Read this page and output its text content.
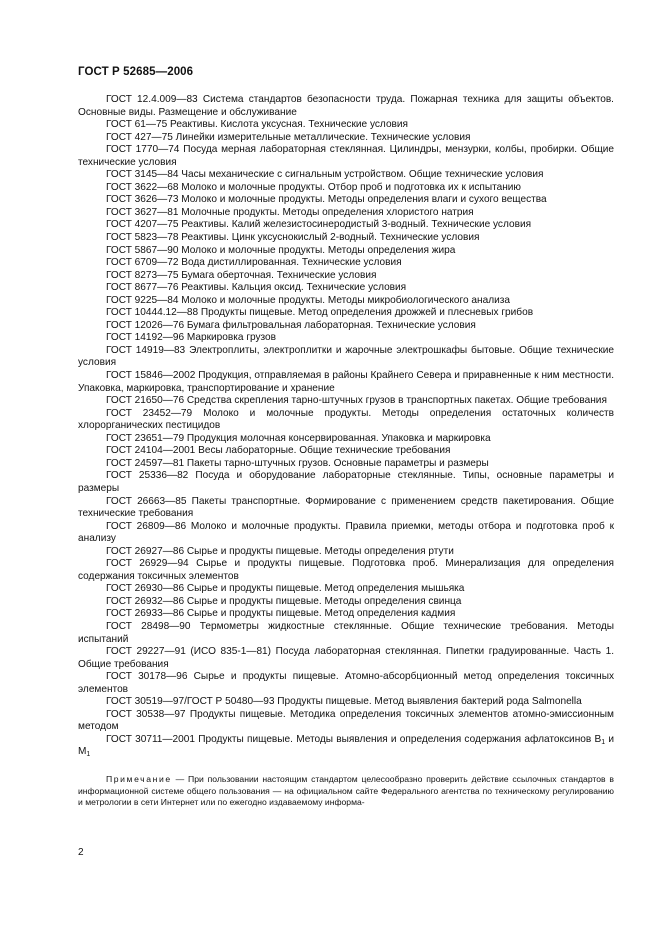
ГОСТ Р 52685—2006

ГОСТ 12.4.009—83 Система стандартов безопасности труда. Пожарная техника для защиты объектов. Основные виды. Размещение и обслуживание

ГОСТ 61—75 Реактивы. Кислота уксусная. Технические условия

ГОСТ 427—75 Линейки измерительные металлические. Технические условия

ГОСТ 1770—74 Посуда мерная лабораторная стеклянная. Цилиндры, мензурки, колбы, пробирки. Общие технические условия

ГОСТ 3145—84 Часы механические с сигнальным устройством. Общие технические условия

ГОСТ 3622—68 Молоко и молочные продукты. Отбор проб и подготовка их к испытанию

ГОСТ 3626—73 Молоко и молочные продукты. Методы определения влаги и сухого вещества

ГОСТ 3627—81 Молочные продукты. Методы определения хлористого натрия

ГОСТ 4207—75 Реактивы. Калий железистосинеродистый 3-водный. Технические условия

ГОСТ 5823—78 Реактивы. Цинк уксуснокислый 2-водный. Технические условия

ГОСТ 5867—90 Молоко и молочные продукты. Методы определения жира

ГОСТ 6709—72 Вода дистиллированная. Технические условия

ГОСТ 8273—75 Бумага оберточная. Технические условия

ГОСТ 8677—76 Реактивы. Кальция оксид. Технические условия

ГОСТ 9225—84 Молоко и молочные продукты. Методы микробиологического анализа

ГОСТ 10444.12—88 Продукты пищевые. Метод определения дрожжей и плесневых грибов

ГОСТ 12026—76 Бумага фильтровальная лабораторная. Технические условия

ГОСТ 14192—96 Маркировка грузов

ГОСТ 14919—83 Электроплиты, электроплитки и жарочные электрошкафы бытовые. Общие технические условия

ГОСТ 15846—2002 Продукция, отправляемая в районы Крайнего Севера и приравненные к ним местности. Упаковка, маркировка, транспортирование и хранение

ГОСТ 21650—76 Средства скрепления тарно-штучных грузов в транспортных пакетах. Общие требования

ГОСТ 23452—79 Молоко и молочные продукты. Методы определения остаточных количеств хлорорганических пестицидов

ГОСТ 23651—79 Продукция молочная консервированная. Упаковка и маркировка

ГОСТ 24104—2001 Весы лабораторные. Общие технические требования

ГОСТ 24597—81 Пакеты тарно-штучных грузов. Основные параметры и размеры

ГОСТ 25336—82 Посуда и оборудование лабораторные стеклянные. Типы, основные параметры и размеры

ГОСТ 26663—85 Пакеты транспортные. Формирование с применением средств пакетирования. Общие технические требования

ГОСТ 26809—86 Молоко и молочные продукты. Правила приемки, методы отбора и подготовка проб к анализу

ГОСТ 26927—86 Сырье и продукты пищевые. Методы определения ртути

ГОСТ 26929—94 Сырье и продукты пищевые. Подготовка проб. Минерализация для определения содержания токсичных элементов

ГОСТ 26930—86 Сырье и продукты пищевые. Метод определения мышьяка

ГОСТ 26932—86 Сырье и продукты пищевые. Методы определения свинца

ГОСТ 26933—86 Сырье и продукты пищевые. Метод определения кадмия

ГОСТ 28498—90 Термометры жидкостные стеклянные. Общие технические требования. Методы испытаний

ГОСТ 29227—91 (ИСО 835-1—81) Посуда лабораторная стеклянная. Пипетки градуированные. Часть 1. Общие требования

ГОСТ 30178—96 Сырье и продукты пищевые. Атомно-абсорбционный метод определения токсичных элементов

ГОСТ 30519—97/ГОСТ Р 50480—93 Продукты пищевые. Метод выявления бактерий рода Salmonella

ГОСТ 30538—97 Продукты пищевые. Методика определения токсичных элементов атомно-эмиссионным методом

ГОСТ 30711—2001 Продукты пищевые. Методы выявления и определения содержания афлатоксинов $B_1$ и $M_1$

Примечание — При пользовании настоящим стандартом целесообразно проверить действие ссылочных стандартов в информационной системе общего пользования — на официальном сайте Федерального агентства по техническому регулированию и метрологии в сети Интернет или по ежегодно издаваемому информа-

2
